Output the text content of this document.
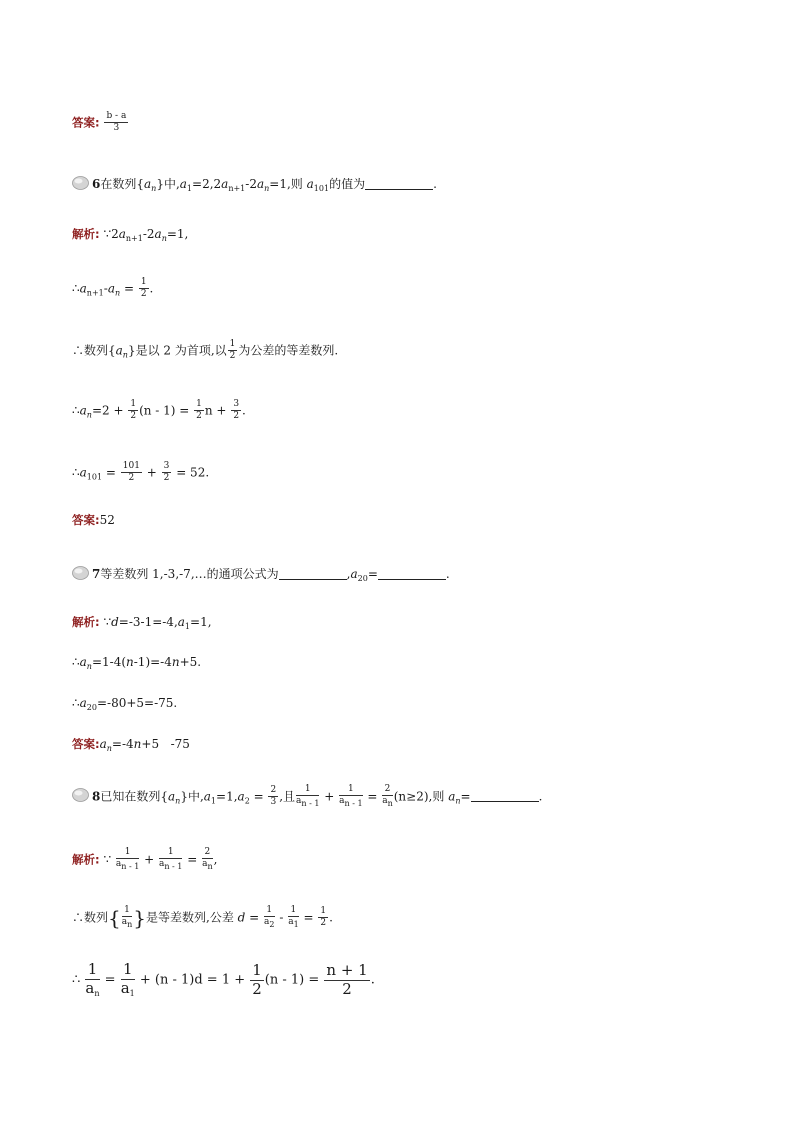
答案: $\frac{b - a}{3}$
6在数列$\{a_n\}$中$,a_1=2,2a_{n+1}-2a_n=1$,则 $a_{101}$的值为	.
解析: $\because 2a_{n+1}-2a_n=1$,
$\therefore a_{n+1}-a_n = \frac{1}{2}$ .
∴数列$\{a_n\}$是以 2 为首项,以 $\frac{1}{2}$ 为公差的等差数列.
$\therefore a_n=2 + \frac{1}{2} (n - 1) = \frac{1}{2}$ $n + \frac{3}{2}$ .
$\therefore a_{101} = \frac{101}{2} + \frac{3}{2} = 52$.
答案:52
7等差数列 1,-3,-7,…的通项公式为	$,a_{20}=$	.
解析: $\because d=-3-1=-4,a_1=1$,
$\therefore a_n=1-4(n-1)=-4n+5$.
$\therefore a_{20}=-80+5=-75$.
答案$:a_n=-4n+5$ -75
8已知在数列$\{a_n\}$中$,a_1=1,a_2 = \frac{2}{3}$ ,且 $\frac{1}{a_{n - 1}} + \frac{1}{a_{n - 1}} = \frac{2}{a_n} (n\ge 2)$,则 $a_n=$	.
解析: ∵ $\frac{1}{a_{n - 1}} + \frac{1}{a_{n - 1}} = \frac{2}{a_n}$ ,
∴数列{ $\frac{1}{a_n}$ }是等差数列,公差 $d = \frac{1}{a_2} - \frac{1}{a_1} = \frac{1}{2}$ .
∴ $\frac{1}{a_n} = \frac{1}{a_1} + (n - 1)d = 1 + \frac{1}{2} (n - 1) = \frac{n + 1}{2}$ .
